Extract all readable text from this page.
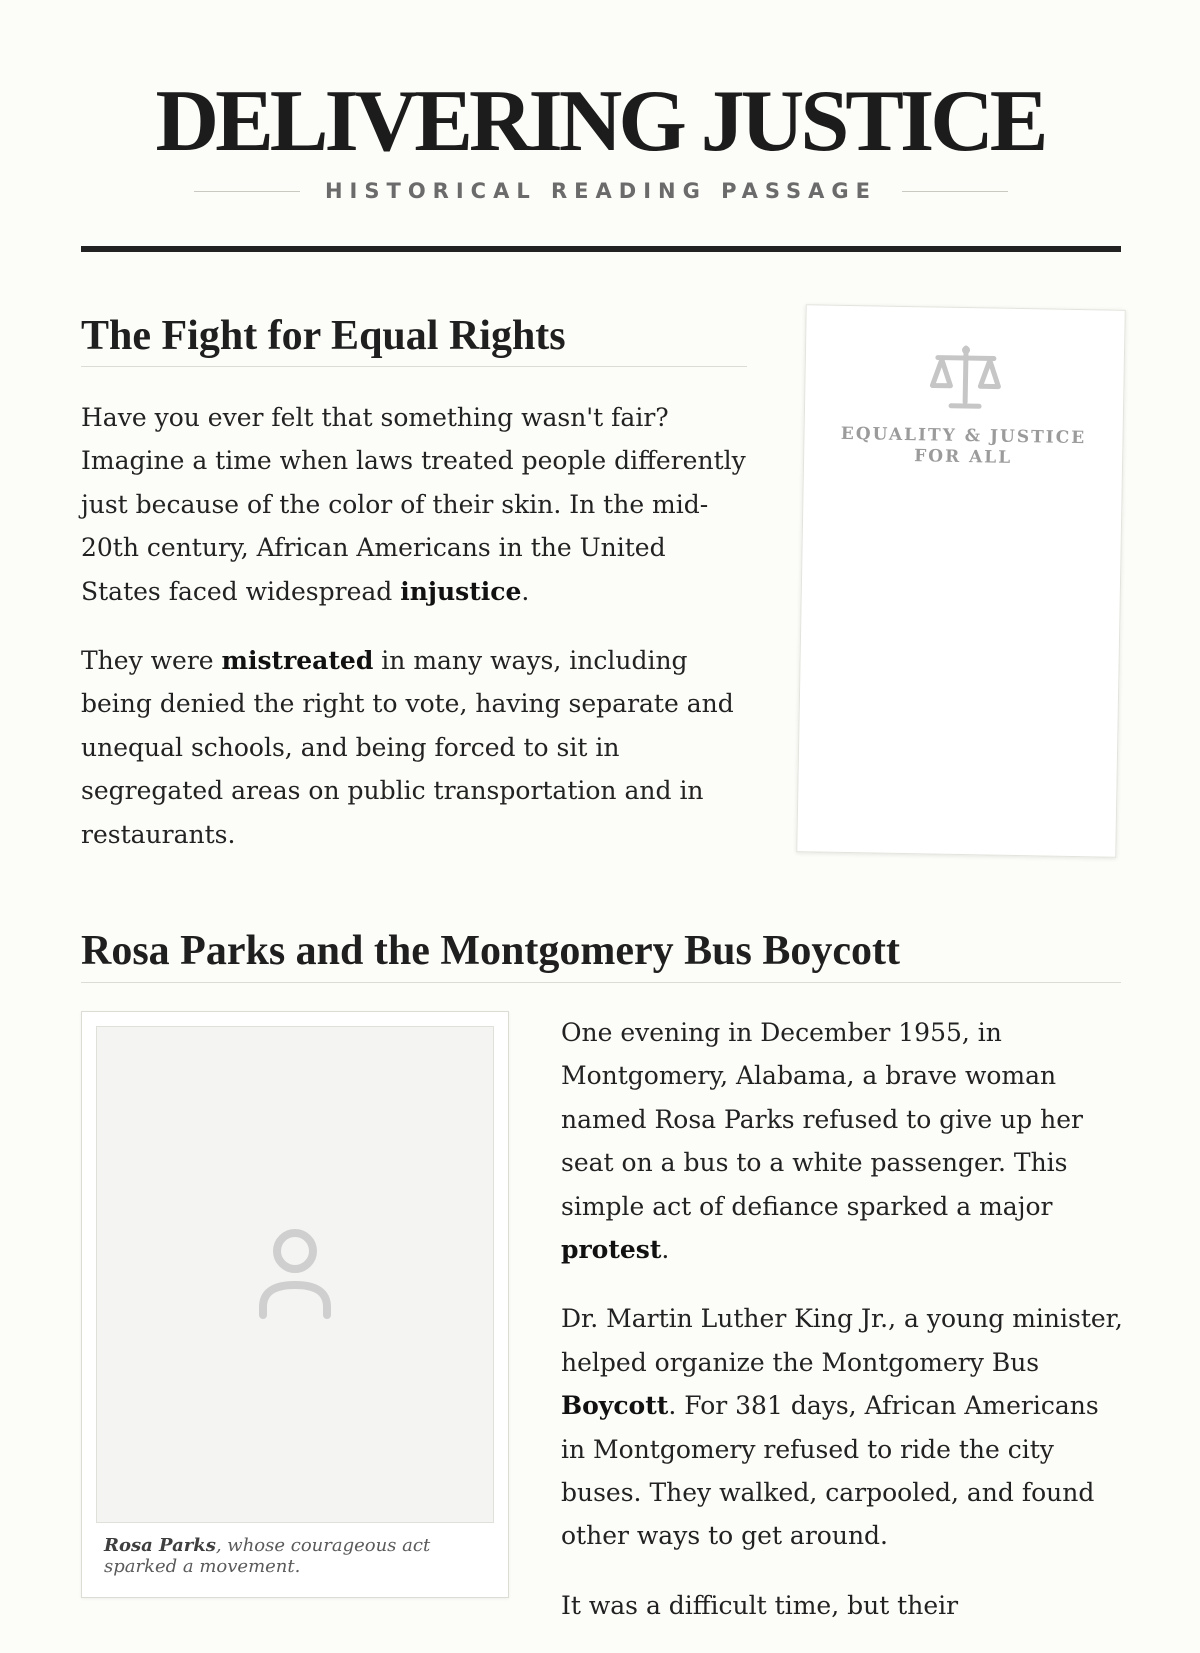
DELIVERING JUSTICE
HISTORICAL READING PASSAGE
The Fight for Equal Rights

Have you ever felt that something wasn't fair? Imagine a time when laws treated people differently just because of the color of their skin. In the mid-20th century, African Americans in the United States faced widespread injustice.

They were mistreated in many ways, including being denied the right to vote, having separate and unequal schools, and being forced to sit in segregated areas on public transportation and in restaurants.

EQUALITY & JUSTICE FOR ALL
Rosa Parks and the Montgomery Bus Boycott
Rosa Parks, whose courageous act sparked a movement.

One evening in December 1955, in Montgomery, Alabama, a brave woman named Rosa Parks refused to give up her seat on a bus to a white passenger. This simple act of defiance sparked a major protest.

Dr. Martin Luther King Jr., a young minister, helped organize the Montgomery Bus Boycott. For 381 days, African Americans in Montgomery refused to ride the city buses. They walked, carpooled, and found other ways to get around.

It was a difficult time, but their
